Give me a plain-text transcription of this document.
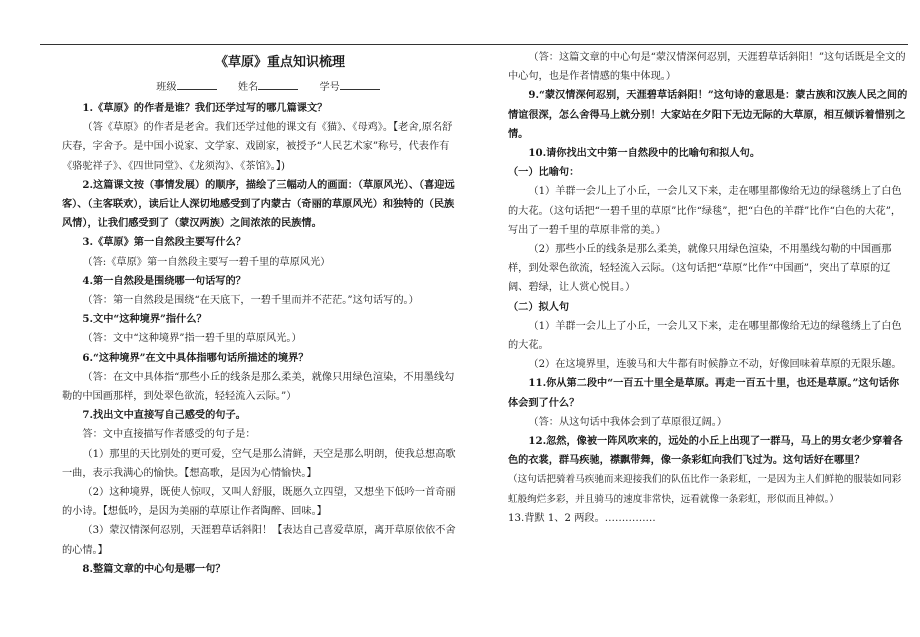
《草原》重点知识梳理
班级	姓名	学号
1.《草原》的作者是谁？我们还学过写的哪几篇课文？
（答《草原》的作者是老舍。我们还学过他的课文有《猫》、《母鸡》。【老舍,原名舒庆春，字舍予。是中国小说家、文学家、戏剧家，被授予“人民艺术家”称号，代表作有《骆驼祥子》、《四世同堂》、《龙须沟》、《茶馆》。】)
2.这篇课文按（事情发展）的顺序，描绘了三幅动人的画面：（草原风光）、（喜迎远客）、（主客联欢），读后让人深切地感受到了内蒙古（奇丽的草原风光）和独特的（民族风情），让我们感受到了（蒙汉两族）之间浓浓的民族情。
3.《草原》第一自然段主要写什么？
（答:《草原》第一自然段主要写一碧千里的草原风光）
4.第一自然段是围绕哪一句话写的？
（答：第一自然段是围绕“在天底下，一碧千里而并不茫茫。”这句话写的。）
5.文中“这种境界”指什么？
（答：文中“这种境界”指一碧千里的草原风光。）
6.“这种境界”在文中具体指哪句话所描述的境界？
（答：在文中具体指“那些小丘的线条是那么柔美，就像只用绿色渲染，不用墨线勾勒的中国画那样，到处翠色欲流，轻轻流入云际。”）
7.找出文中直接写自己感受的句子。
答：文中直接描写作者感受的句子是：
（1）那里的天比别处的更可爱，空气是那么清鲜，天空是那么明朗，使我总想高歌一曲，表示我满心的愉快。【想高歌，是因为心情愉快。】
（2）这种境界，既使人惊叹，又叫人舒服，既愿久立四望，又想坐下低吟一首奇丽的小诗。【想低吟，是因为美丽的草原让作者陶醉、回味。】
（3）蒙汉情深何忍别，天涯碧草话斜阳！【表达自己喜爱草原，离开草原依依不舍的心情。】
8.整篇文章的中心句是哪一句？
（答：这篇文章的中心句是“蒙汉情深何忍别，天涯碧草话斜阳！”这句话既是全文的中心句，也是作者情感的集中体现。）
9.“蒙汉情深何忍别，天涯碧草话斜阳！”这句诗的意思是：蒙古族和汉族人民之间的情谊很深，怎么舍得马上就分别！大家站在夕阳下无边无际的大草原，相互倾诉着惜别之情。
10.请你找出文中第一自然段中的比喻句和拟人句。
（一）比喻句：
（1）羊群一会儿上了小丘，一会儿又下来，走在哪里都像给无边的绿毯绣上了白色的大花。（这句话把“一碧千里的草原”比作“绿毯”，把“白色的羊群”比作“白色的大花”，写出了一碧千里的草原非常的美。）
（2）那些小丘的线条是那么柔美，就像只用绿色渲染，不用墨线勾勒的中国画那样，到处翠色欲流，轻轻流入云际。（这句话把“草原”比作“中国画”，突出了草原的辽阔、碧绿，让人赏心悦目。）
（二）拟人句
（1）羊群一会儿上了小丘，一会儿又下来，走在哪里都像给无边的绿毯绣上了白色的大花。
（2）在这境界里，连骏马和大牛都有时候静立不动，好像回味着草原的无限乐趣。
11.你从第二段中“一百五十里全是草原。再走一百五十里，也还是草原。”这句话你体会到了什么？
（答：从这句话中我体会到了草原很辽阔。）
12.忽然，像被一阵风吹来的，远处的小丘上出现了一群马，马上的男女老少穿着各色的衣裳，群马疾驰，襟飘带舞，像一条彩虹向我们飞过为。这句话好在哪里？
（这句话把骑着马疾驰而来迎接我们的队伍比作一条彩虹，一是因为主人们鲜艳的服装如同彩虹般绚烂多彩，并且骑马的速度非常快，远看就像一条彩虹，形似而且神似。）
13.背默 1、2 两段。……………
